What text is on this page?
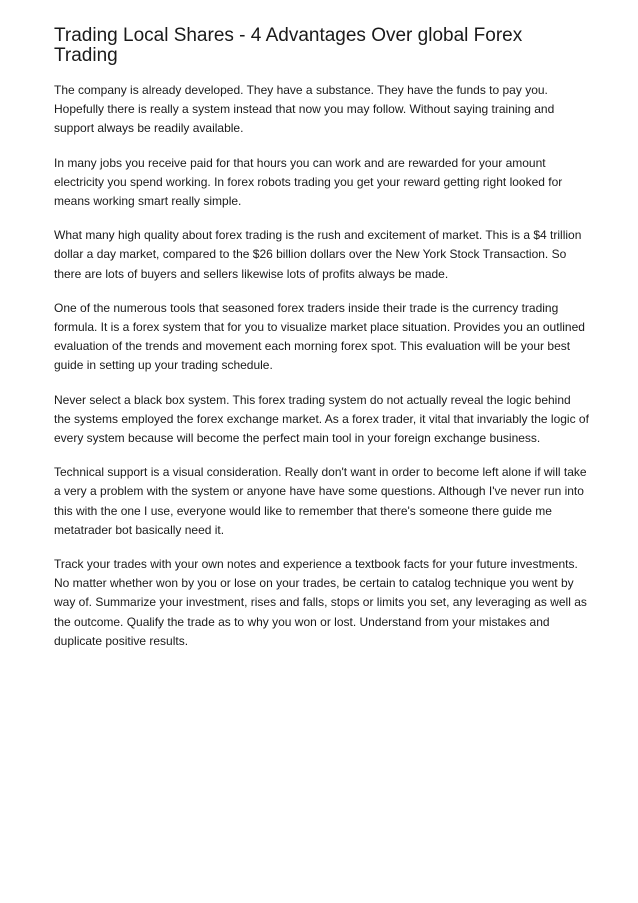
Trading Local Shares - 4 Advantages Over global Forex Trading

The company is already developed. They have a substance. They have the funds to pay you. Hopefully there is really a system instead that now you may follow. Without saying training and support always be readily available.

In many jobs you receive paid for that hours you can work and are rewarded for your amount electricity you spend working. In forex robots trading you get your reward getting right looked for means working smart really simple.

What many high quality about forex trading is the rush and excitement of market. This is a $4 trillion dollar a day market, compared to the $26 billion dollars over the New York Stock Transaction. So there are lots of buyers and sellers likewise lots of profits always be made.

One of the numerous tools that seasoned forex traders inside their trade is the currency trading formula. It is a forex system that for you to visualize market place situation. Provides you an outlined evaluation of the trends and movement each morning forex spot. This evaluation will be your best guide in setting up your trading schedule.

Never select a black box system. This forex trading system do not actually reveal the logic behind the systems employed the forex exchange market. As a forex trader, it vital that invariably the logic of every system because will become the perfect main tool in your foreign exchange business.

Technical support is a visual consideration. Really don't want in order to become left alone if will take a very a problem with the system or anyone have have some questions. Although I've never run into this with the one I use, everyone would like to remember that there's someone there guide me metatrader bot basically need it.

Track your trades with your own notes and experience a textbook facts for your future investments. No matter whether won by you or lose on your trades, be certain to catalog technique you went by way of. Summarize your investment, rises and falls, stops or limits you set, any leveraging as well as the outcome. Qualify the trade as to why you won or lost. Understand from your mistakes and duplicate positive results.
